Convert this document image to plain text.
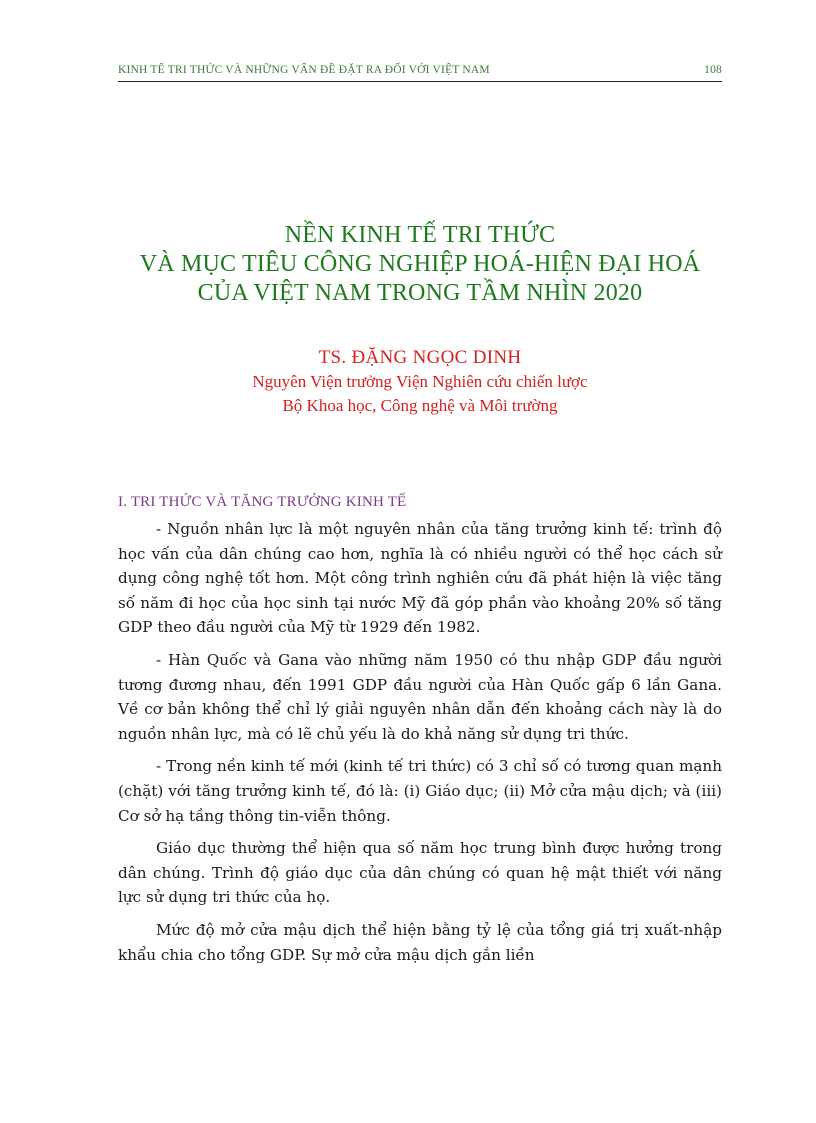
KINH TẾ TRI THỨC VÀ NHỮNG VẤN ĐỀ ĐẶT RA ĐỐI VỚI VIỆT NAM	108
NỀN KINH TẾ TRI THỨC
VÀ MỤC TIÊU CÔNG NGHIỆP HOÁ-HIỆN ĐẠI HOÁ
CỦA VIỆT NAM TRONG TẦM NHÌN 2020
TS. ĐẶNG NGỌC DINH
Nguyên Viện trưởng Viện Nghiên cứu chiến lược
Bộ Khoa học, Công nghệ và Môi trường
I. TRI THỨC VÀ TĂNG TRƯỞNG KINH TẾ

- Nguồn nhân lực là một nguyên nhân của tăng trưởng kinh tế: trình độ học vấn của dân chúng cao hơn, nghĩa là có nhiều người có thể học cách sử dụng công nghệ tốt hơn. Một công trình nghiên cứu đã phát hiện là việc tăng số năm đi học của học sinh tại nước Mỹ đã góp phần vào khoảng 20% số tăng GDP theo đầu người của Mỹ từ 1929 đến 1982.

- Hàn Quốc và Gana vào những năm 1950 có thu nhập GDP đầu người tương đương nhau, đến 1991 GDP đầu người của Hàn Quốc gấp 6 lần Gana. Về cơ bản không thể chỉ lý giải nguyên nhân dẫn đến khoảng cách này là do nguồn nhân lực, mà có lẽ chủ yếu là do khả năng sử dụng tri thức.

- Trong nền kinh tế mới (kinh tế tri thức) có 3 chỉ số có tương quan mạnh (chặt) với tăng trưởng kinh tế, đó là: (i) Giáo dục; (ii) Mở cửa mậu dịch; và (iii) Cơ sở hạ tầng thông tin-viễn thông.

Giáo dục thường thể hiện qua số năm học trung bình được hưởng trong dân chúng. Trình độ giáo dục của dân chúng có quan hệ mật thiết với năng lực sử dụng tri thức của họ.

Mức độ mở cửa mậu dịch thể hiện bằng tỷ lệ của tổng giá trị xuất-nhập khẩu chia cho tổng GDP. Sự mở cửa mậu dịch gắn liền
